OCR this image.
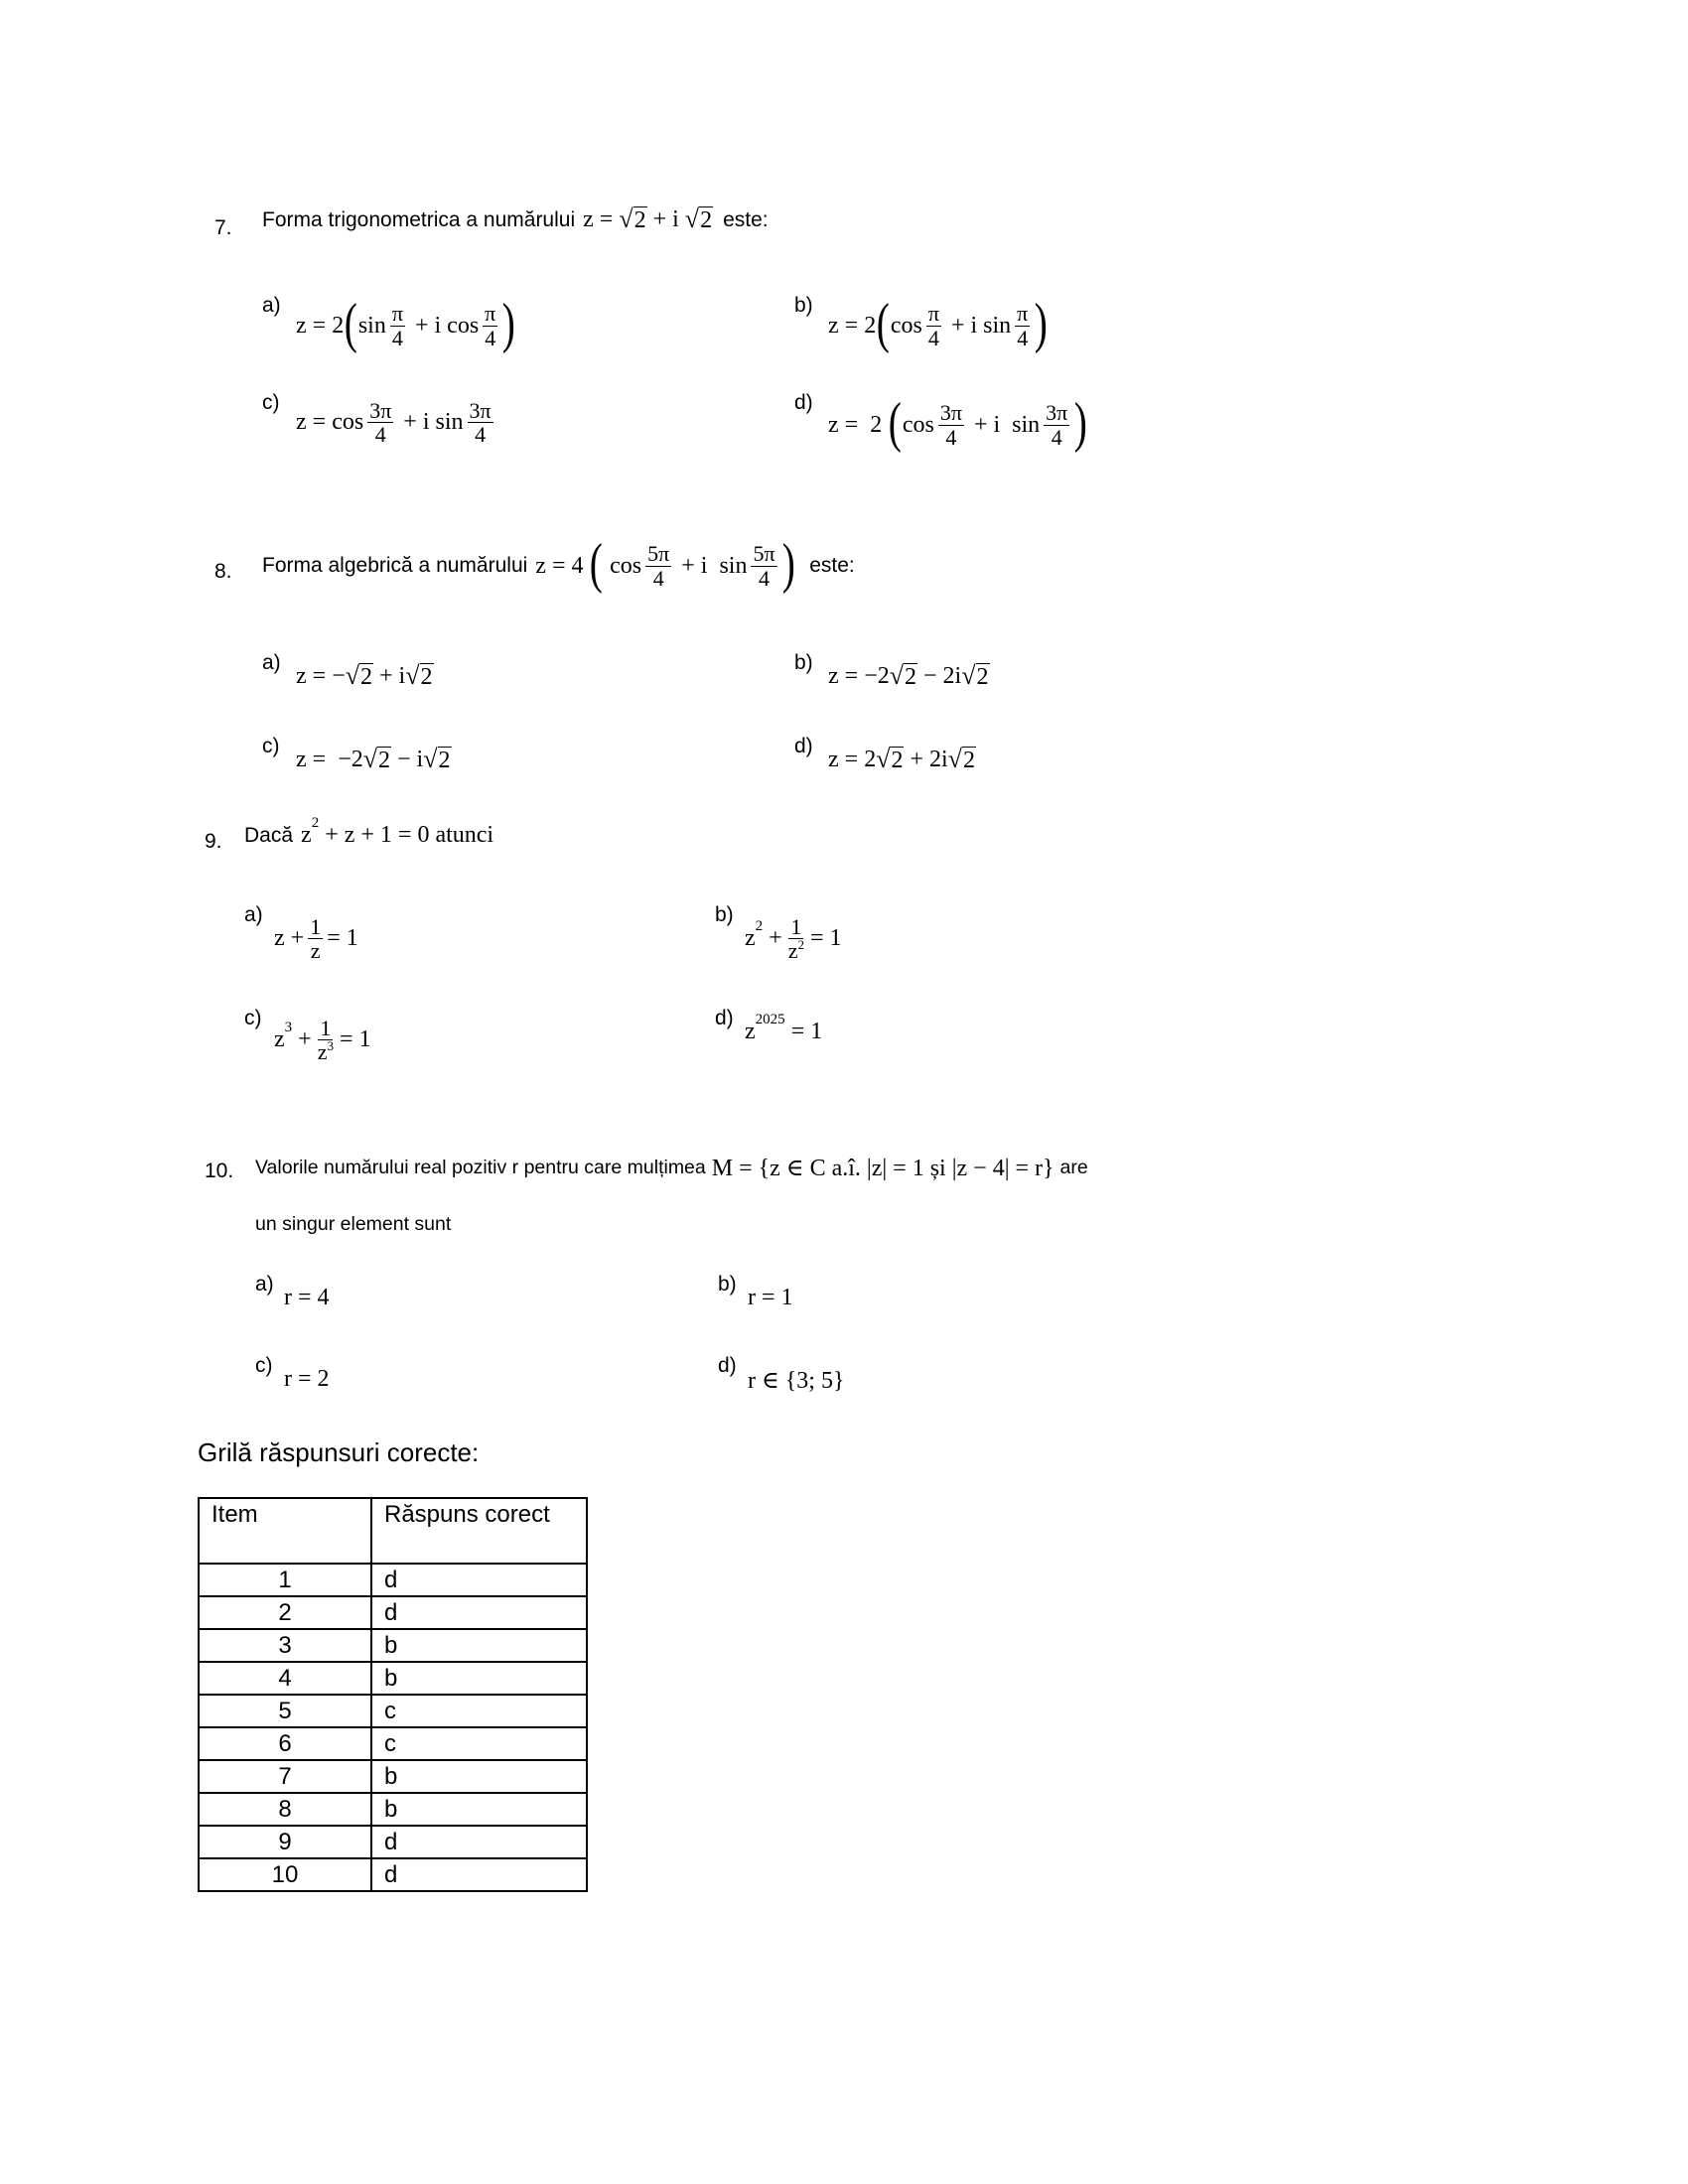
7. Forma trigonometrica a numărului z = √ 2 + i √ 2 este:
a)
z = 2 ( $\sin \frac{\pi}{4} + i$ $\cos \frac{\pi}{4}$ )	b)
z = 2 ( $\cos \frac{\pi}{4} + i$ $\sin \frac{\pi}{4}$ )
c)
$z = \cos \frac{3\pi}{4} + i$ $\sin \frac{3\pi}{4}$	d)
z = 2
( $\cos \frac{3\pi}{4} + i$ $\sin \frac{3\pi}{4}$ )
8. Forma algebrică a numărului z = 4 ( $\cos \frac{5\pi}{4} + i$  $\sin \frac{5\pi}{4}$ ) este:
a)
z = − √ 2 + i √ 2
b)
z = −2 √ 2 − 2i √ 2
c)
z =  −2 √ 2 − i √ 2
d)
z = 2 √ 2 + 2i √ 2
9. Dacă z 2
+ z + 1 = 0 atunci
a)
$z + \frac{1}{z} = 1$
b)
z $2 + \frac{1}{z^2} = 1$
c)
z $3 + \frac{1}{z^3} = 1$
d)
z 2025 = 1
10. Valorile numărului real pozitiv r pentru care mulțimea M = {z ∈ C a.î. |z| = 1 și |z − 4| = r} are
un singur element sunt
a)
r = 4
b)
r = 1
c)
r = 2
d)
r ∈ {3; 5}
Grilă răspunsuri corecte:
Item	Răspuns corect
1	d
2	d
3	b
4	b
5	c
6	c
7	b
8	b
9	d
10	d
